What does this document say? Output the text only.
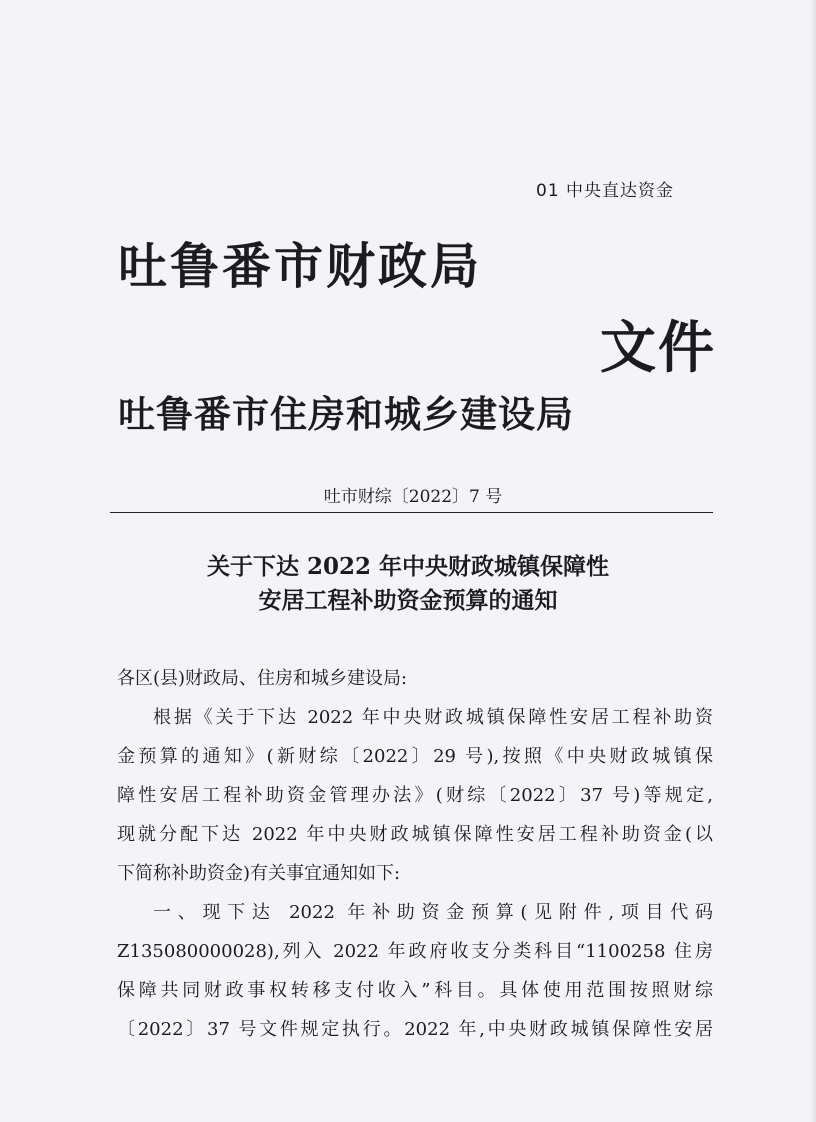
01 中央直达资金
吐鲁番市财政局
文件
吐鲁番市住房和城乡建设局
吐市财综〔2022〕7 号
关于下达 2022 年中央财政城镇保障性
安居工程补助资金预算的通知
各区(县)财政局、住房和城乡建设局:
根据《关于下达 2022 年中央财政城镇保障性安居工程补助资
金预算的通知》(新财综〔2022〕29 号),按照《中央财政城镇保
障性安居工程补助资金管理办法》(财综〔2022〕37 号)等规定,
现就分配下达 2022 年中央财政城镇保障性安居工程补助资金(以
下简称补助资金)有关事宜通知如下:
一、现下达 2022 年补助资金预算(见附件,项目代码
Z135080000028),列入 2022 年政府收支分类科目“1100258 住房
保障共同财政事权转移支付收入”科目。具体使用范围按照财综
〔2022〕37 号文件规定执行。2022 年,中央财政城镇保障性安居
